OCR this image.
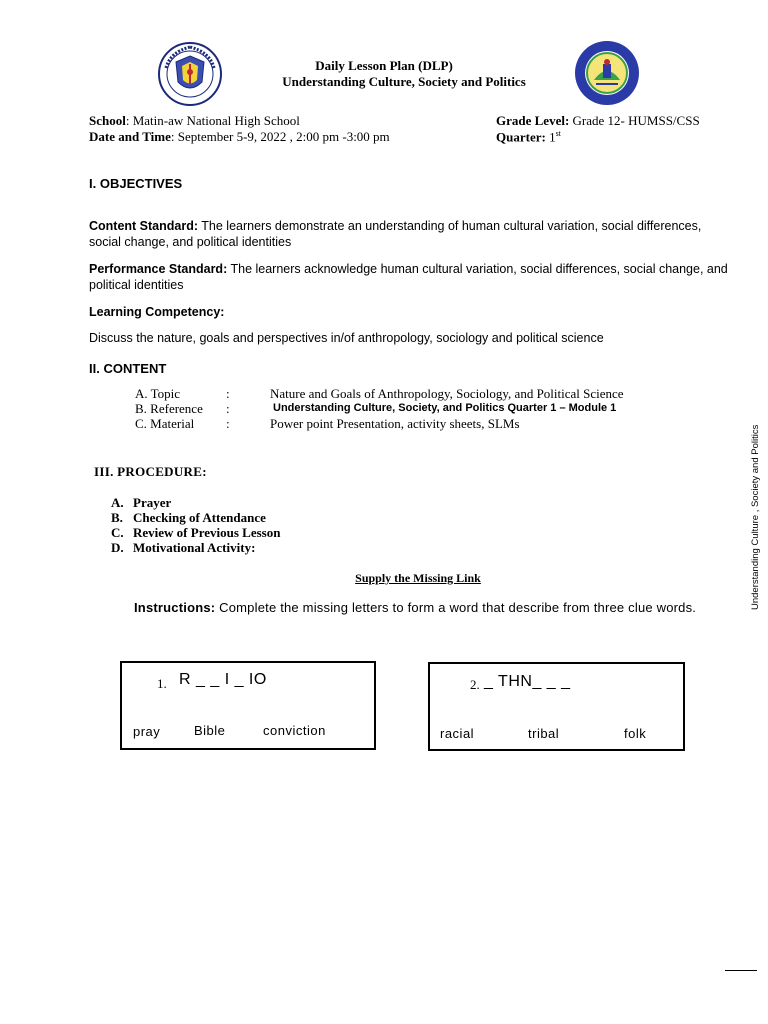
Daily Lesson Plan (DLP)
Understanding Culture, Society and Politics
School: Matin-aw National High School
Date and Time: September 5-9, 2022 , 2:00 pm -3:00 pm
Grade Level: Grade 12- HUMSS/CSS
Quarter: 1st
I. OBJECTIVES
Content Standard: The learners demonstrate an understanding of human cultural variation, social differences, social change, and political identities
Performance Standard: The learners acknowledge human cultural variation, social differences, social change, and political identities
Learning Competency:
Discuss the nature, goals and perspectives in/of anthropology, sociology and political science
II. CONTENT
A. Topic	:	Nature and Goals of Anthropology, Sociology, and Political Science
B. Reference :	Understanding Culture, Society, and Politics Quarter 1 – Module 1
C. Material :	Power point Presentation, activity sheets, SLMs
III. PROCEDURE:
A. Prayer
B. Checking of Attendance
C. Review of Previous Lesson
D. Motivational Activity:
Supply the Missing Link
Instructions: Complete the missing letters to form a word that describe from three clue words.
1. R _ _ I _ IO
pray	Bible	conviction
2. _ THN_ _ _
racial	tribal	folk
Understanding Culture , Society and Politics
